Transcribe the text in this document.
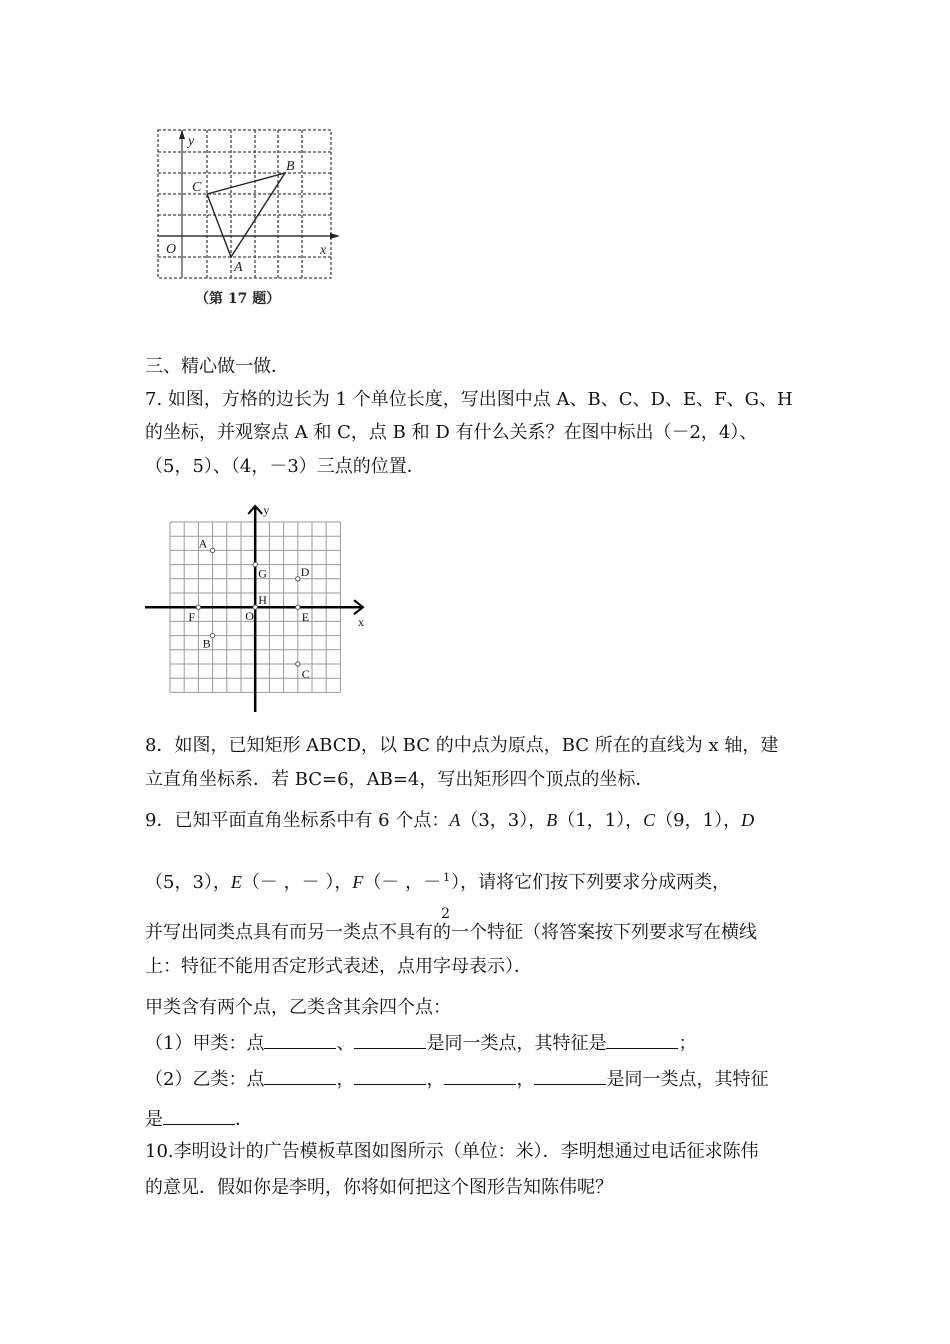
y
x
O
A
B
C
（第 17 题）
三、精心做一做．
7. 如图，方格的边长为 1 个单位长度，写出图中点 A、B、C、D、E、F、G、H
的坐标，并观察点 A 和 C，点 B 和 D 有什么关系？在图中标出（－2，4）、
（5，5）、（4，－3）三点的位置．
y
x
O
A
G	D
H
F	E
B
C
8．如图，已知矩形 ABCD，以 BC 的中点为原点，BC 所在的直线为 x 轴，建
立直角坐标系．若 BC=6，AB=4，写出矩形四个顶点的坐标．
9．已知平面直角坐标系中有 6 个点：A（3，3），B（1，1），C（9，1），D
（5，3），E（－ ，－ ），F（－ ，－ 1
2
），请将它们按下列要求分成两类，
并写出同类点具有而另一类点不具有的一个特征（将答案按下列要求写在横线
上：特征不能用否定形式表述，点用字母表示）．
甲类含有两个点，乙类含其余四个点：
（1）甲类：点	、	是同一类点，其特征是	；
（2）乙类：点	，	，	，	是同一类点，其特征
是	．
10.李明设计的广告模板草图如图所示（单位：米）．李明想通过电话征求陈伟
的意见．假如你是李明，你将如何把这个图形告知陈伟呢？
